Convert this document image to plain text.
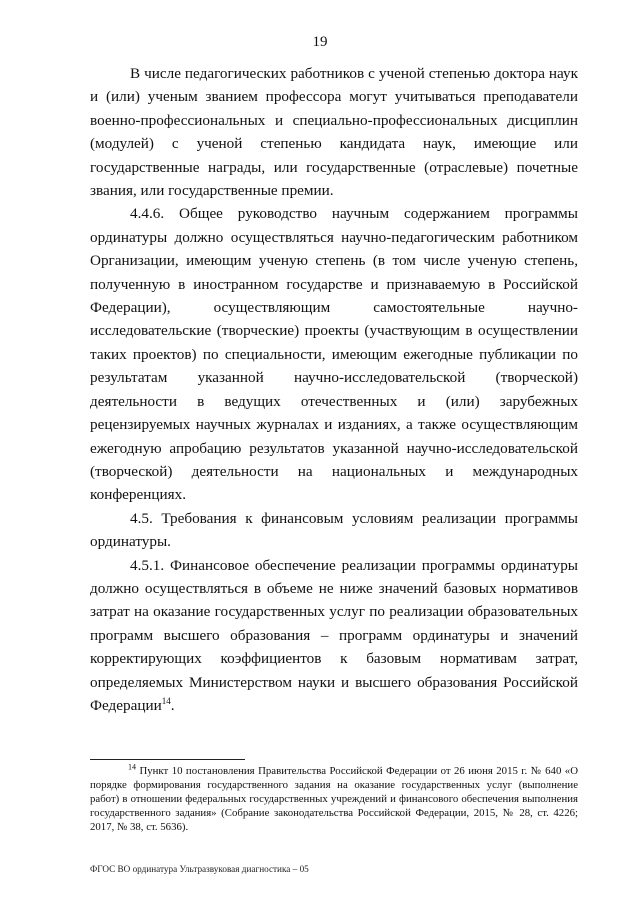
19

В числе педагогических работников с ученой степенью доктора наук и (или) ученым званием профессора могут учитываться преподаватели военно-профессиональных и специально-профессиональных дисциплин (модулей) с ученой степенью кандидата наук, имеющие или государственные награды, или государственные (отраслевые) почетные звания, или государственные премии.

4.4.6. Общее руководство научным содержанием программы ординатуры должно осуществляться научно-педагогическим работником Организации, имеющим ученую степень (в том числе ученую степень, полученную в иностранном государстве и признаваемую в Российской Федерации), осуществляющим самостоятельные научно-исследовательские (творческие) проекты (участвующим в осуществлении таких проектов) по специальности, имеющим ежегодные публикации по результатам указанной научно-исследовательской (творческой) деятельности в ведущих отечественных и (или) зарубежных рецензируемых научных журналах и изданиях, а также осуществляющим ежегодную апробацию результатов указанной научно-исследовательской (творческой) деятельности на национальных и международных конференциях.

4.5. Требования к финансовым условиям реализации программы ординатуры.

4.5.1. Финансовое обеспечение реализации программы ординатуры должно осуществляться в объеме не ниже значений базовых нормативов затрат на оказание государственных услуг по реализации образовательных программ высшего образования – программ ординатуры и значений корректирующих коэффициентов к базовым нормативам затрат, определяемых Министерством науки и высшего образования Российской Федерации$^{14}$.

$^{14}$ Пункт 10 постановления Правительства Российской Федерации от 26 июня 2015 г. № 640 «О порядке формирования государственного задания на оказание государственных услуг (выполнение работ) в отношении федеральных государственных учреждений и финансового обеспечения выполнения государственного задания» (Собрание законодательства Российской Федерации, 2015, № 28, ст. 4226; 2017, № 38, ст. 5636).
ФГОС ВО ординатура Ультразвуковая диагностика – 05
